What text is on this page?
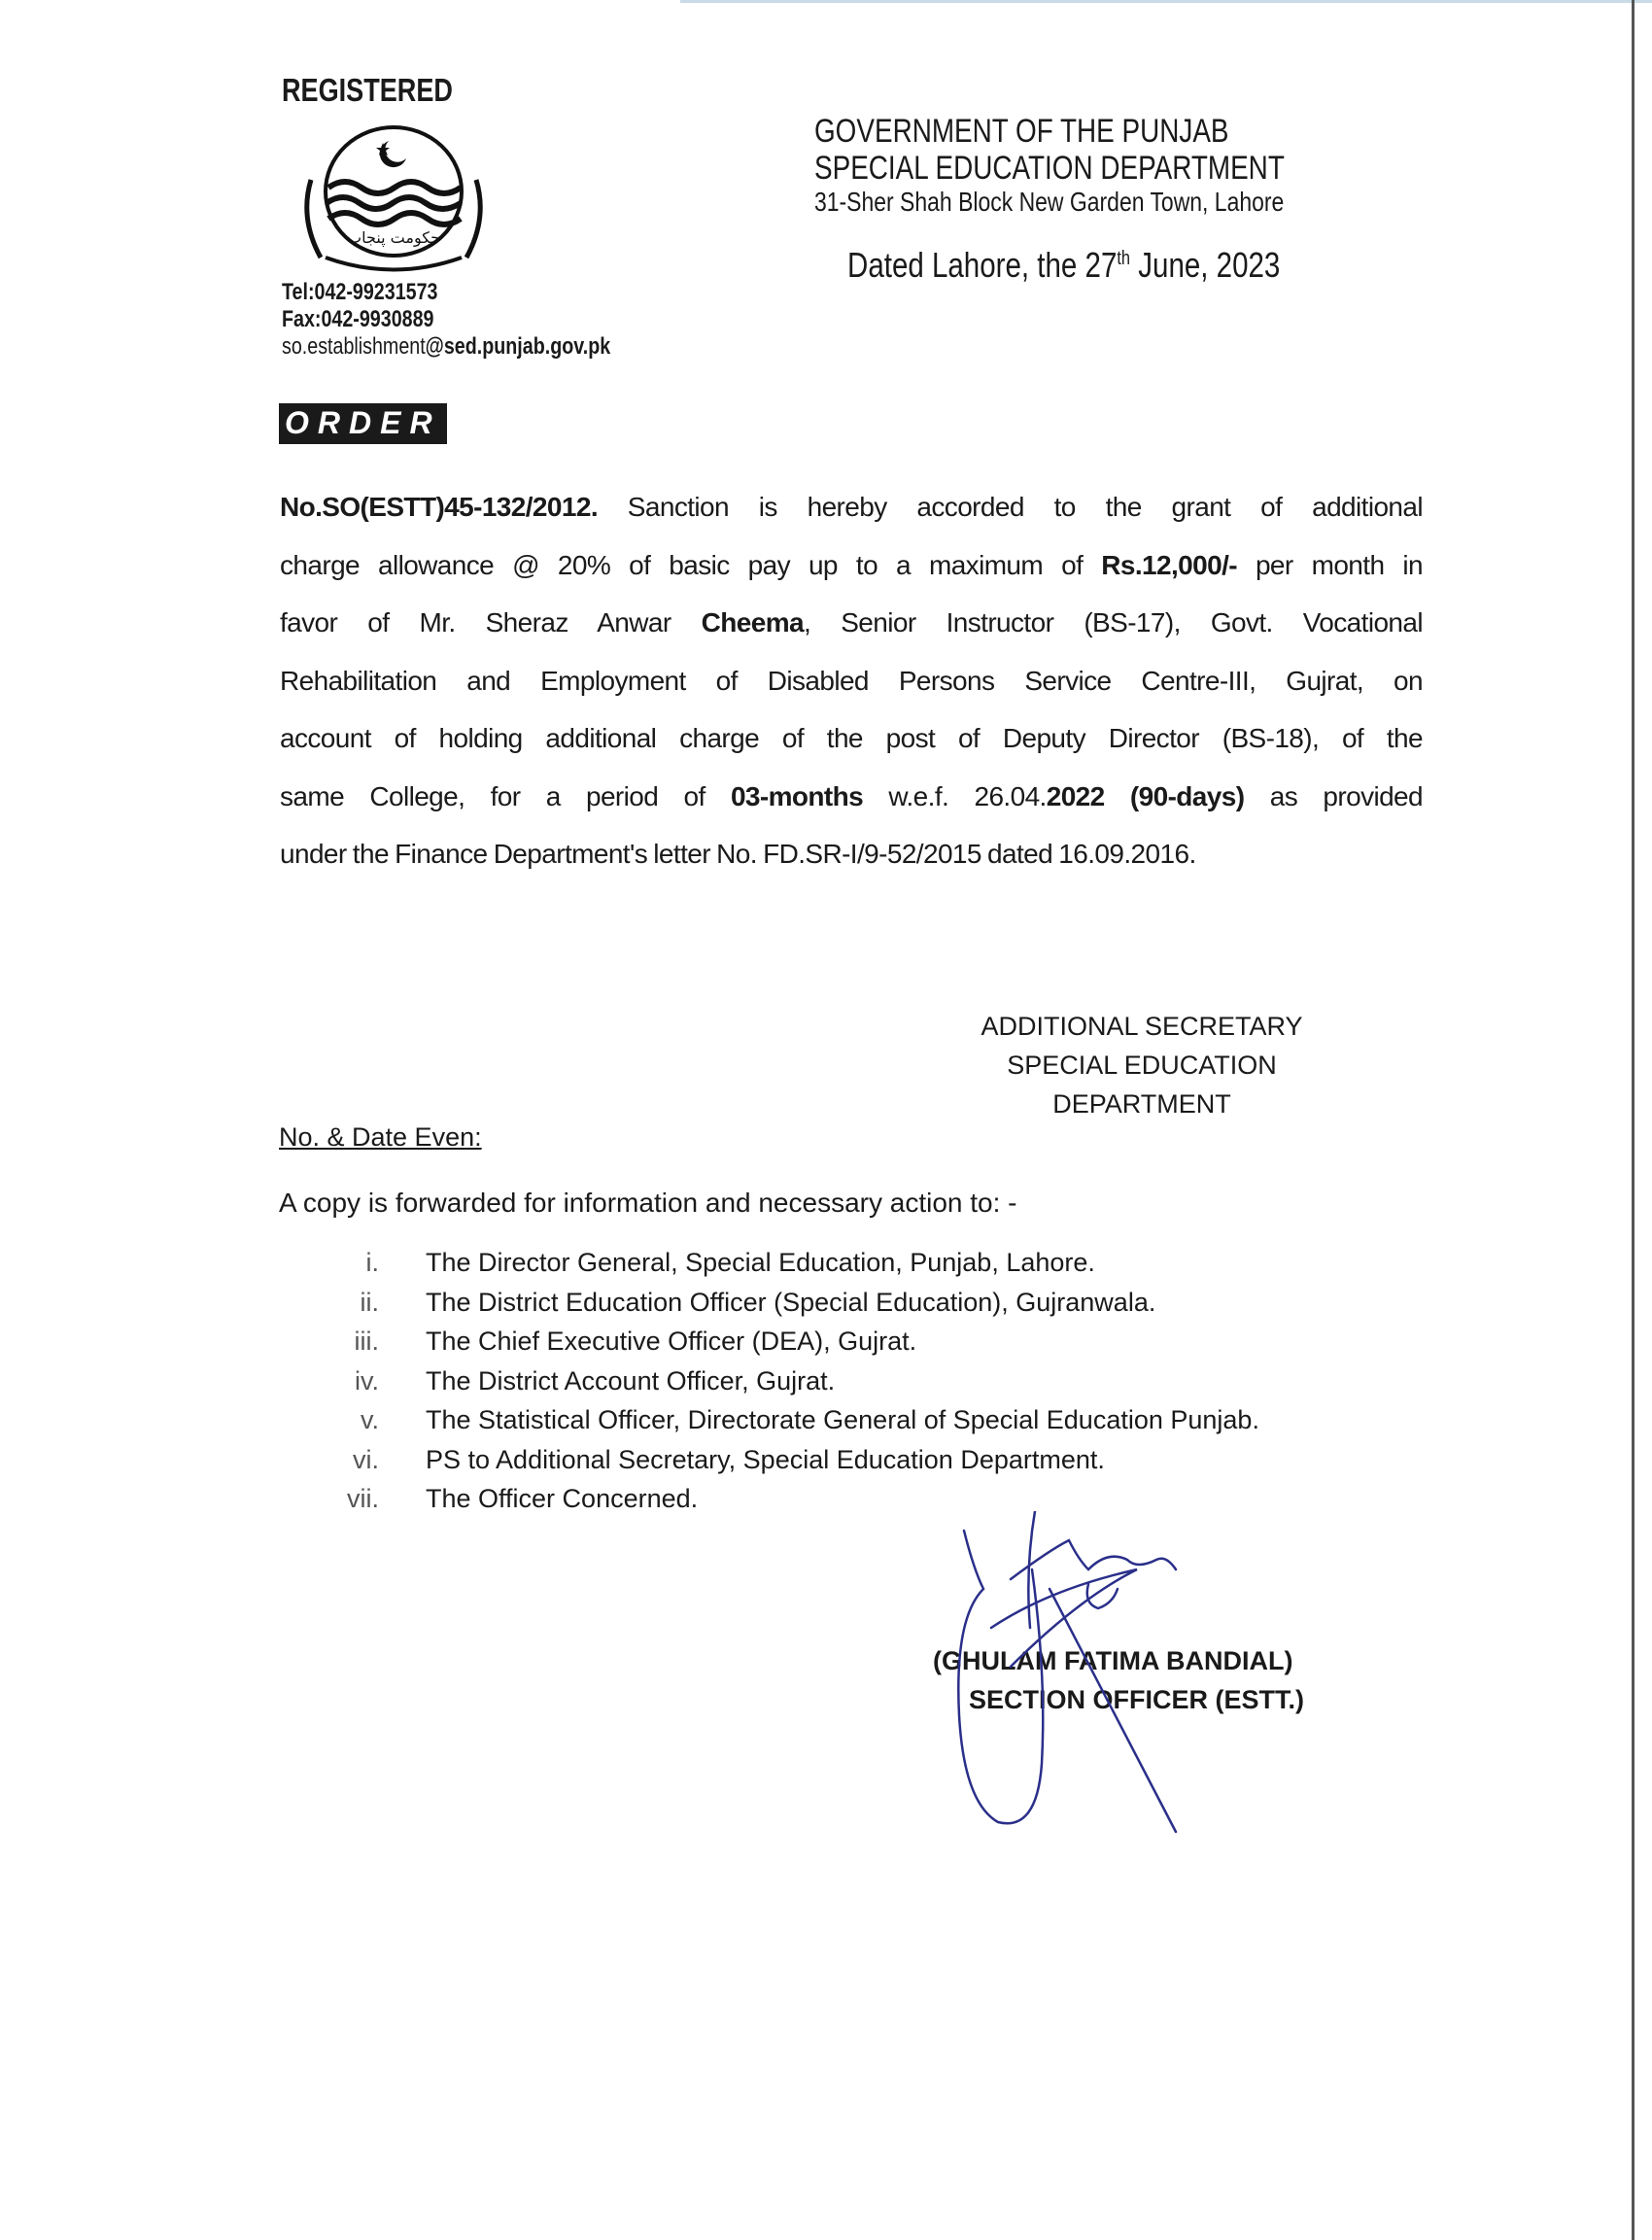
REGISTERED
حکومت پنجاب
GOVERNMENT OF THE PUNJAB
SPECIAL EDUCATION DEPARTMENT
31-Sher Shah Block New Garden Town, Lahore
Dated Lahore, the 27th June, 2023
Tel:042-99231573
Fax:042-9930889
so.establishment@sed.punjab.gov.pk
ORDER
No.SO(ESTT)45-132/2012. Sanction is hereby accorded to the grant of additional
charge allowance @ 20% of basic pay up to a maximum of Rs.12,000/- per month in
favor of Mr. Sheraz Anwar Cheema, Senior Instructor (BS-17), Govt. Vocational
Rehabilitation and Employment of Disabled Persons Service Centre-III, Gujrat, on
account of holding additional charge of the post of Deputy Director (BS-18), of the
same College, for a period of 03-months w.e.f. 26.04.2022 (90-days) as provided
under the Finance Department's letter No. FD.SR-I/9-52/2015 dated 16.09.2016.
ADDITIONAL SECRETARY
SPECIAL EDUCATION
DEPARTMENT
No. & Date Even:
A copy is forwarded for information and necessary action to: -
i.	The Director General, Special Education, Punjab, Lahore.
ii.	The District Education Officer (Special Education), Gujranwala.
iii.	The Chief Executive Officer (DEA), Gujrat.
iv.	The District Account Officer, Gujrat.
v.	The Statistical Officer, Directorate General of Special Education Punjab.
vi.	PS to Additional Secretary, Special Education Department.
vii.	The Officer Concerned.
(GHULAM FATIMA BANDIAL)
SECTION OFFICER (ESTT.)
